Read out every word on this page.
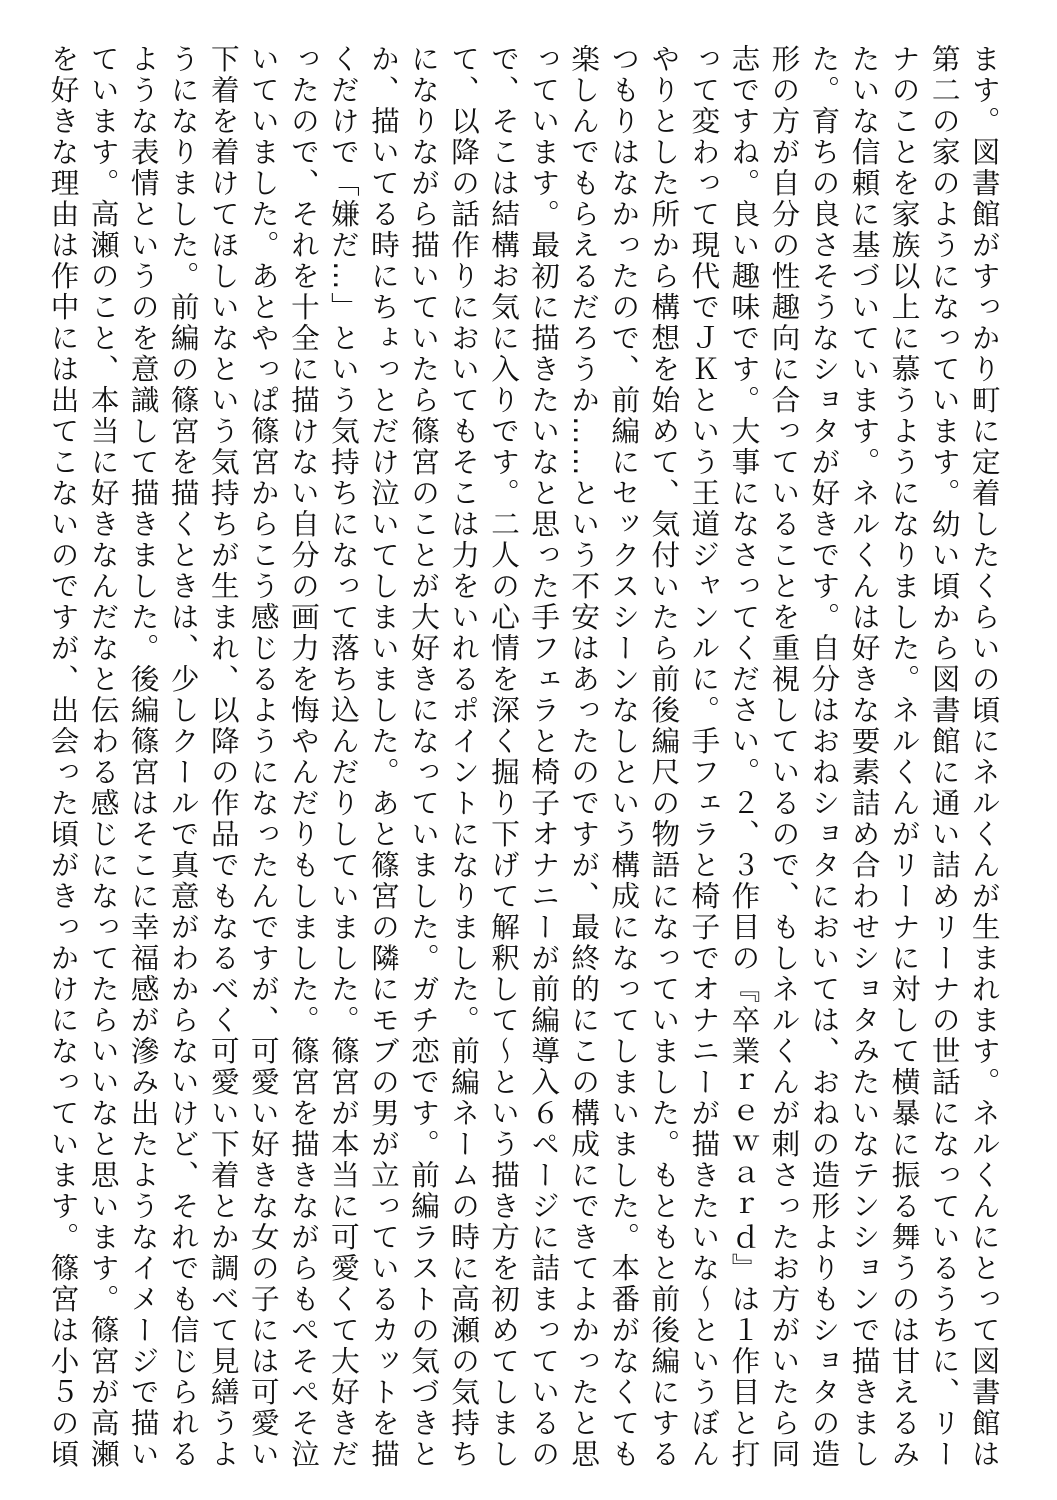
ます。図書館がすっかり町に定着したくらいの頃にネルくんが生まれます。ネルくんにとって図書館は

第二の家のようになっています。幼い頃から図書館に通い詰めリーナの世話になっているうちに、リー

ナのことを家族以上に慕うようになりました。ネルくんがリーナに対して横暴に振る舞うのは甘えるみ

たいな信頼に基づいています。ネルくんは好きな要素詰め合わせショタみたいなテンションで描きまし

た。育ちの良さそうなショタが好きです。自分はおねショタにおいては、おねの造形よりもショタの造

形の方が自分の性趣向に合っていることを重視しているので、もしネルくんが刺さったお方がいたら同

志ですね。良い趣味です。大事になさってください。２、３作目の『卒業ｒｅｗａｒｄ』は１作目と打

って変わって現代でＪＫという王道ジャンルに。手フェラと椅子でオナニーが描きたいな～というぼん

やりとした所から構想を始めて、気付いたら前後編尺の物語になっていました。もともと前後編にする

つもりはなかったので、前編にセックスシーンなしという構成になってしまいました。本番がなくても

楽しんでもらえるだろうか……という不安はあったのですが、最終的にこの構成にできてよかったと思

っています。最初に描きたいなと思った手フェラと椅子オナニーが前編導入６ページに詰まっているの

で、そこは結構お気に入りです。二人の心情を深く掘り下げて解釈して～という描き方を初めてしまし

て、以降の話作りにおいてもそこは力をいれるポイントになりました。前編ネームの時に高瀬の気持ち

になりながら描いていたら篠宮のことが大好きになっていました。ガチ恋です。前編ラストの気づきと

か、描いてる時にちょっとだけ泣いてしまいました。あと篠宮の隣にモブの男が立っているカットを描

くだけで「嫌だ…」という気持ちになって落ち込んだりしていました。篠宮が本当に可愛くて大好きだ

ったので、それを十全に描けない自分の画力を悔やんだりもしました。篠宮を描きながらもぺそぺそ泣

いていました。あとやっぱ篠宮からこう感じるようになったんですが、可愛い好きな女の子には可愛い

下着を着けてほしいなという気持ちが生まれ、以降の作品でもなるべく可愛い下着とか調べて見繕うよ

うになりました。前編の篠宮を描くときは、少しクールで真意がわからないけど、それでも信じられる

ような表情というのを意識して描きました。後編篠宮はそこに幸福感が滲み出たようなイメージで描い

ています。高瀬のこと、本当に好きなんだなと伝わる感じになってたらいいなと思います。篠宮が高瀬

を好きな理由は作中には出てこないのですが、出会った頃がきっかけになっています。篠宮は小５の頃
